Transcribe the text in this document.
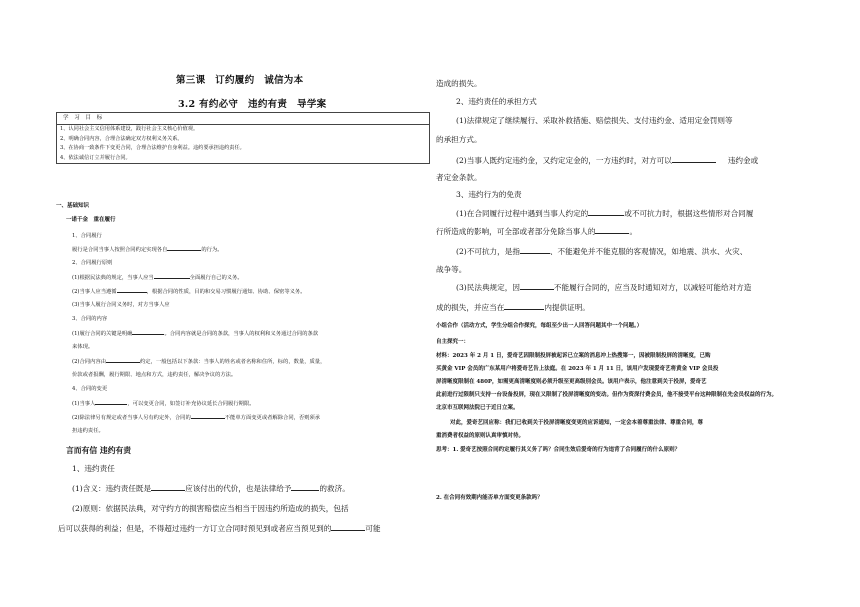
第三课　订约履约　诚信为本
3.2 有约必守　违约有责　导学案
学 习 目 标
1、认同社会主义信用体系建设，践行社会主义核心价值观。
2、明确合同内容，合理合法确定双方权利义务关系。
3、在协商一致条件下变更合同，合理合法维护自身利益。违约要承担违约责任。
4、依法诚信订立并履行合同。
一、基础知识
一诺千金　重在履行
1、合同履行
履行是合同当事人按照合同约定实现各自	的行为。
2、合同履行原则
(1)根据民法典的规定，当事人应当	全面履行自己的义务。
(2)当事人应当遵循	，根据合同的性质，目的和交易习惯履行通知、协助、保密等义务。
(3)当事人履行合同义务时，对方当事人应
3、合同的内容
(1)履行合同的关键是明确	。合同内容就是合同的条款，当事人的权利和义务通过合同的条款
来体现。
(2)合同内容由	约定，一般包括以下条款：当事人的姓名或者名称和住所，标的，数量，质量，
价款或者报酬，履行期限、地点和方式，违约责任，解决争议的方法。
4、合同的变更
(1)当事人	，可以变更合同，如签订补充协议延长合同履行期限。
(2)除法律另有规定或者当事人另有约定外，合同的	不能单方面变更或者解除合同，否则须承
担违约责任。
言而有信 违约有责
1、违约责任
(1)含义：违约责任既是	应该付出的代价，也是法律给予	的救济。
(2)原则：依据民法典，对守约方的损害赔偿应当相当于因违约所造成的损失，包括
后可以获得的利益；但是，不得超过违约一方订立合同时预见到或者应当预见到的	可能
造成的损失。
2、违约责任的承担方式
(1)法律规定了继续履行、采取补救措施、赔偿损失、支付违约金、适用定金罚则等
的承担方式。
(2)当事人既约定违约金，又约定定金的，一方违约时，对方可以	违约金或
者定金条款。
3、违约行为的免责
(1)在合同履行过程中遇到当事人约定的	或不可抗力时，根据这些情形对合同履
行所造成的影响，可全部或者部分免除当事人的	。
(2)不可抗力，是指	、不能避免并不能克服的客观情况，如地震、洪水、火灾、
战争等。
(3)民法典规定，因	不能履行合同的，应当及时通知对方，以减轻可能给对方造
成的损失，并应当在	内提供证明。
小组合作（活动方式，学生分组合作探究，每组至少出一人回答问题其中一个问题。）
自主探究一：
材料：2023 年 2 月 1 日，爱奇艺因限制投屏被起诉已立案的消息冲上热搜第一，因被限制投屏的清晰度，已购
买黄金 VIP 会员的广东某用户将爱奇艺告上法庭。在 2023 年 1 月 11 日，该用户发现爱奇艺将黄金 VIP 会员投
屏清晰度限制在 480P，如需更高清晰度则必须升级至更高级别会员。该用户表示，他注意到关于投屏，爱奇艺
此前进行过限制只支持一台设备投屏，现在又限制了投屏清晰度的变动。但作为资深付费会员，他不接受平台这种限制在先会员权益的行为。
北京市互联网法院已于近日立案。
对此，爱奇艺回应称：我们已收到关于投屏清晰度变更的应诉通知，一定会本着尊重法律、尊重合同，尊
重消费者权益的原则认真审慎对待。
思考：1. 爱奇艺按照合同约定履行其义务了吗？合同生效后爱奇的行为违背了合同履行的什么原则？
2. 在合同有效期内能否单方面变更条款吗？
